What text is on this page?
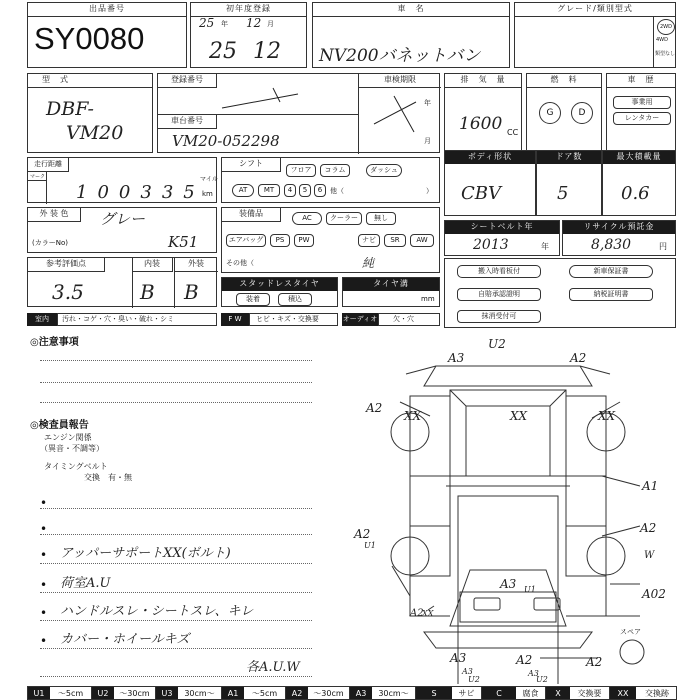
出品番号
SY0080
初年度登録
25 年 12 月
25 12
車　名
NV200バネットバン
グレード/類別型式
2WD
4WD
類型なし
型　式
DBF-
VM20
登録番号
車台番号
車検期限
年
月
VM20-052298
排　気　量
1600 CC
燃　料
G	D
車　歴
事業用
レンタカー
走行距離
マーク
100335
マイル
km
シフト
フロア	コラム	ダッシュ
AT	MT	4	5	6	他（	）
ボディ形状
CBV
ドア数
5
最大積載量
0.6
外 装 色	グレー
(カラーNo)	K51
装備品	AC	クーラー	無し
エアバッグ	PS	PW	ナビ	SR	AW
その他（	純
シートベルト年
2013	年
リサイクル預託金
8,830	円
参考評価点
3.5
内装
B
外装
B	スタッドレスタイヤ
装着	積込
タイヤ溝
mm
搬入時看板付	新車保証書
自賠承認證明	納税証明書
抹消受付可
室内	汚れ・コゲ・穴・臭い・破れ・シミ	F W	ヒビ・キズ・交換要	オーディオ	欠・穴
◎注意事項
◎検査員報告
エンジン関係
（異音・不調等）
タイミングベルト
交換　有・無
•
•
• アッパーサポートXX(ボルト)
• 荷室A.U
• ハンドルスレ・シートスレ、キレ
• カバー・ホイールキズ
各A.U.W
U2
A3	A2
A2
XX	XX
XX
A1
A2
A2
U1
W
A02
A3 U1
A3	A2	A2
A3
U2
A3
U2
A2
XX
スペア
U1	〜5cm	U2	〜30cm	U3	30cm〜	A1	〜5cm	A2	〜30cm	A3	30cm〜	S	サビ	C	腐食	X	交換要	XX	交換跡
